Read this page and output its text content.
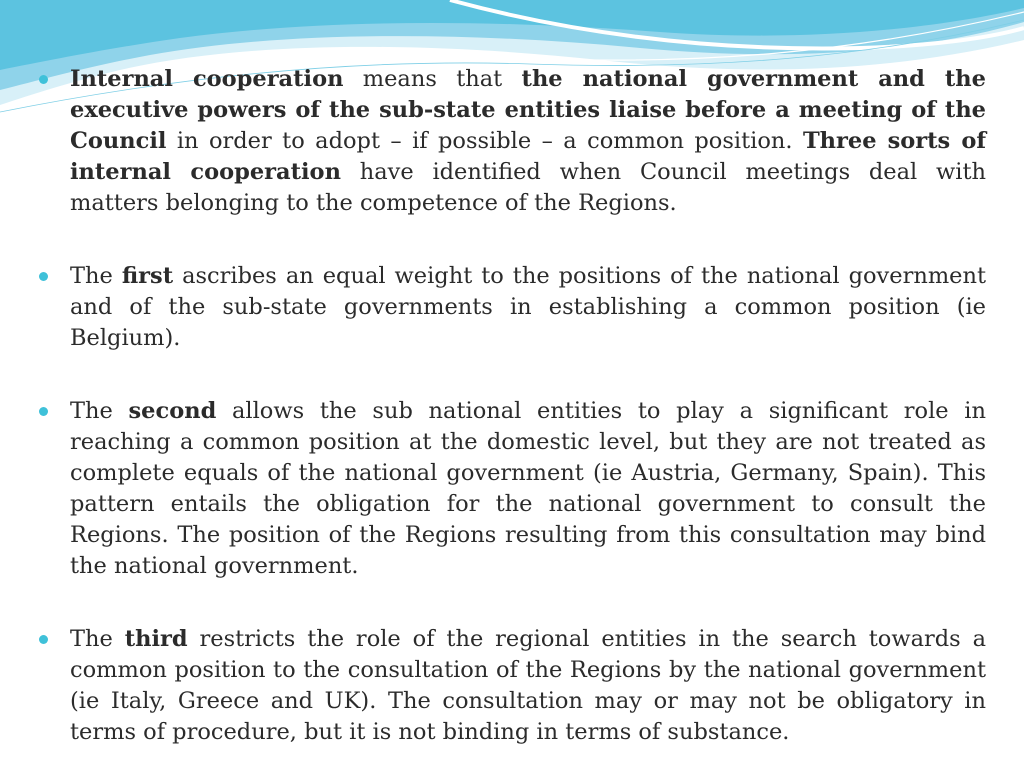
Internal cooperation means that the national government and the executive powers of the sub-state entities liaise before a meeting of the Council in order to adopt – if possible – a common position. Three sorts of internal cooperation have identified when Council meetings deal with matters belonging to the competence of the Regions.
The first ascribes an equal weight to the positions of the national government and of the sub-state governments in establishing a common position (ie Belgium).
The second allows the sub national entities to play a significant role in reaching a common position at the domestic level, but they are not treated as complete equals of the national government (ie Austria, Germany, Spain). This pattern entails the obligation for the national government to consult the Regions. The position of the Regions resulting from this consultation may bind the national government.
The third restricts the role of the regional entities in the search towards a common position to the consultation of the Regions by the national government (ie Italy, Greece and UK). The consultation may or may not be obligatory in terms of procedure, but it is not binding in terms of substance.
